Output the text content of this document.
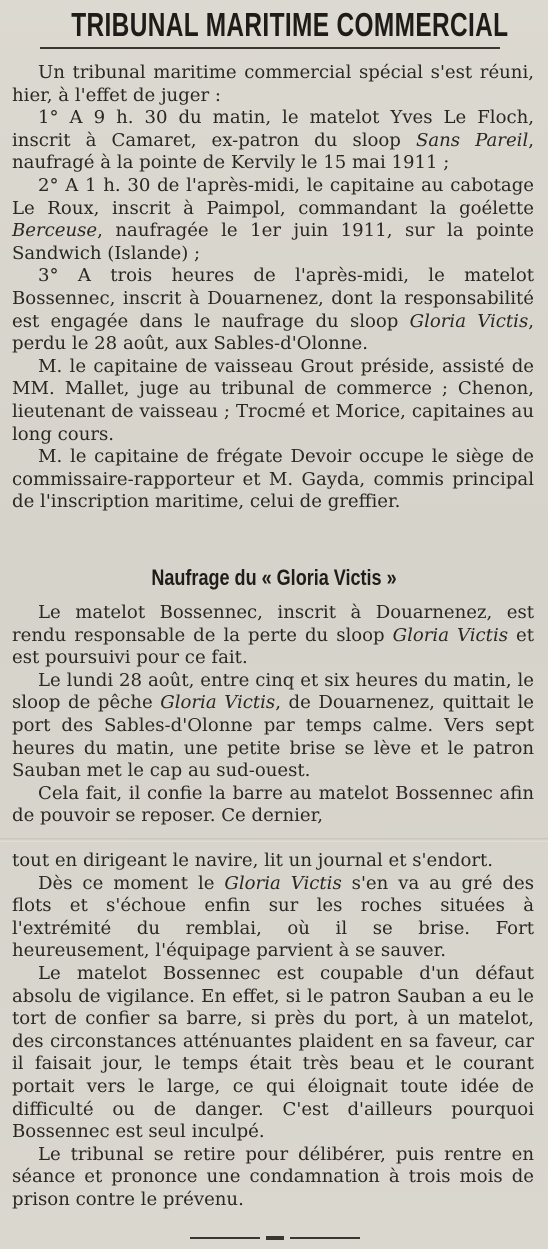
TRIBUNAL MARITIME COMMERCIAL

Un tribunal maritime commercial spécial s'est réuni, hier, à l'effet de juger :

1° A 9 h. 30 du matin, le matelot Yves Le Floch, inscrit à Camaret, ex-patron du sloop Sans Pareil, naufragé à la pointe de Kervily le 15 mai 1911 ;

2° A 1 h. 30 de l'après-midi, le capitaine au cabotage Le Roux, inscrit à Paimpol, commandant la goélette Berceuse, naufragée le 1er juin 1911, sur la pointe Sandwich (Islande) ;

3° A trois heures de l'après-midi, le matelot Bossennec, inscrit à Douarnenez, dont la responsabilité est engagée dans le naufrage du sloop Gloria Victis, perdu le 28 août, aux Sables-d'Olonne.

M. le capitaine de vaisseau Grout préside, assisté de MM. Mallet, juge au tribunal de commerce ; Chenon, lieutenant de vaisseau ; Trocmé et Morice, capitaines au long cours.

M. le capitaine de frégate Devoir occupe le siège de commissaire-rapporteur et M. Gayda, commis principal de l'inscription maritime, celui de greffier.

Naufrage du « Gloria Victis »

Le matelot Bossennec, inscrit à Douarnenez, est rendu responsable de la perte du sloop Gloria Victis et est poursuivi pour ce fait.

Le lundi 28 août, entre cinq et six heures du matin, le sloop de pêche Gloria Victis, de Douarnenez, quittait le port des Sables-d'Olonne par temps calme. Vers sept heures du matin, une petite brise se lève et le patron Sauban met le cap au sud-ouest.

Cela fait, il confie la barre au matelot Bossennec afin de pouvoir se reposer. Ce dernier,

tout en dirigeant le navire, lit un journal et s'endort.

Dès ce moment le Gloria Victis s'en va au gré des flots et s'échoue enfin sur les roches situées à l'extrémité du remblai, où il se brise. Fort heureusement, l'équipage parvient à se sauver.

Le matelot Bossennec est coupable d'un défaut absolu de vigilance. En effet, si le patron Sauban a eu le tort de confier sa barre, si près du port, à un matelot, des circonstances atténuantes plaident en sa faveur, car il faisait jour, le temps était très beau et le courant portait vers le large, ce qui éloignait toute idée de difficulté ou de danger. C'est d'ailleurs pourquoi Bossennec est seul inculpé.

Le tribunal se retire pour délibérer, puis rentre en séance et prononce une condamnation à trois mois de prison contre le prévenu.
